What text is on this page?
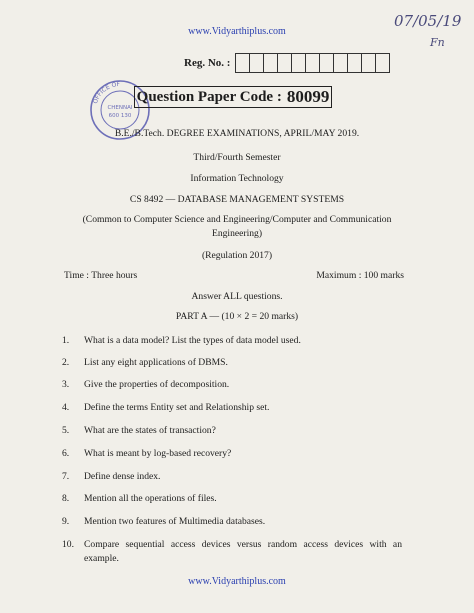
www.Vidyarthiplus.com
07/05/19
Fn
Reg. No. :
OFFICE OF
CHENNAI
600 130
Question Paper Code : 80099
B.E./B.Tech. DEGREE EXAMINATIONS, APRIL/MAY 2019.
Third/Fourth Semester
Information Technology
CS 8492 — DATABASE MANAGEMENT SYSTEMS
(Common to Computer Science and Engineering/Computer and Communication
Engineering)
(Regulation 2017)
Time : Three hours	Maximum : 100 marks
Answer ALL questions.
PART A — (10 × 2 = 20 marks)
1.	What is a data model? List the types of data model used.
2.	List any eight applications of DBMS.
3.	Give the properties of decomposition.
4.	Define the terms Entity set and Relationship set.
5.	What are the states of transaction?
6.	What is meant by log-based recovery?
7.	Define dense index.
8.	Mention all the operations of files.
9.	Mention two features of Multimedia databases.
10.	Compare sequential access devices versus random access devices with an example.
www.Vidyarthiplus.com
